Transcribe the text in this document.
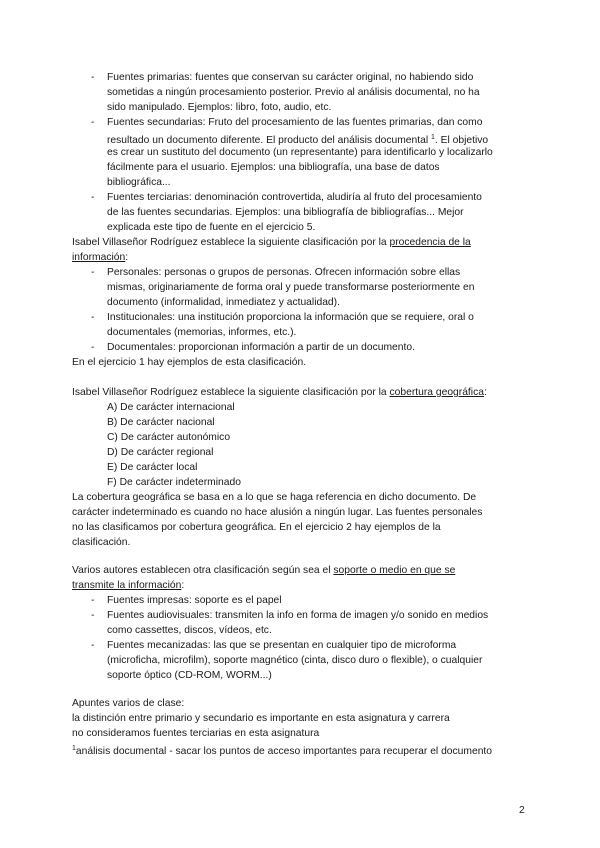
- Fuentes primarias: fuentes que conservan su carácter original, no habiendo sido
sometidas a ningún procesamiento posterior. Previo al análisis documental, no ha
sido manipulado. Ejemplos: libro, foto, audio, etc.
- Fuentes secundarias: Fruto del procesamiento de las fuentes primarias, dan como
resultado un documento diferente. El producto del análisis documental $^1$. El objetivo
es crear un sustituto del documento (un representante) para identificarlo y localizarlo
fácilmente para el usuario. Ejemplos: una bibliografía, una base de datos
bibliográfica...
- Fuentes terciarias: denominación controvertida, aludiría al fruto del procesamiento
de las fuentes secundarias. Ejemplos: una bibliografía de bibliografías... Mejor
explicada este tipo de fuente en el ejercicio 5.
Isabel Villaseñor Rodríguez establece la siguiente clasificación por la procedencia de la
información:
- Personales: personas o grupos de personas. Ofrecen información sobre ellas
mismas, originariamente de forma oral y puede transformarse posteriormente en
documento (informalidad, inmediatez y actualidad).
- Institucionales: una institución proporciona la información que se requiere, oral o
documentales (memorias, informes, etc.).
- Documentales: proporcionan información a partir de un documento.
En el ejercicio 1 hay ejemplos de esta clasificación.
Isabel Villaseñor Rodríguez establece la siguiente clasificación por la cobertura geográfica:
A) De carácter internacional
B) De carácter nacional
C) De carácter autonómico
D) De carácter regional
E) De carácter local
F) De carácter indeterminado
La cobertura geográfica se basa en a lo que se haga referencia en dicho documento. De
carácter indeterminado es cuando no hace alusión a ningún lugar. Las fuentes personales
no las clasificamos por cobertura geográfica. En el ejercicio 2 hay ejemplos de la
clasificación.
Varios autores establecen otra clasificación según sea el soporte o medio en que se
transmite la información:
- Fuentes impresas: soporte es el papel
- Fuentes audiovisuales: transmiten la info en forma de imagen y/o sonido en medios
como cassettes, discos, vídeos, etc.
- Fuentes mecanizadas: las que se presentan en cualquier tipo de microforma
(microficha, microfilm), soporte magnético (cinta, disco duro o flexible), o cualquier
soporte óptico (CD-ROM, WORM...)
Apuntes varios de clase:
la distinción entre primario y secundario es importante en esta asignatura y carrera
no consideramos fuentes terciarias en esta asignatura
$^1$análisis documental - sacar los puntos de acceso importantes para recuperar el documento
2
